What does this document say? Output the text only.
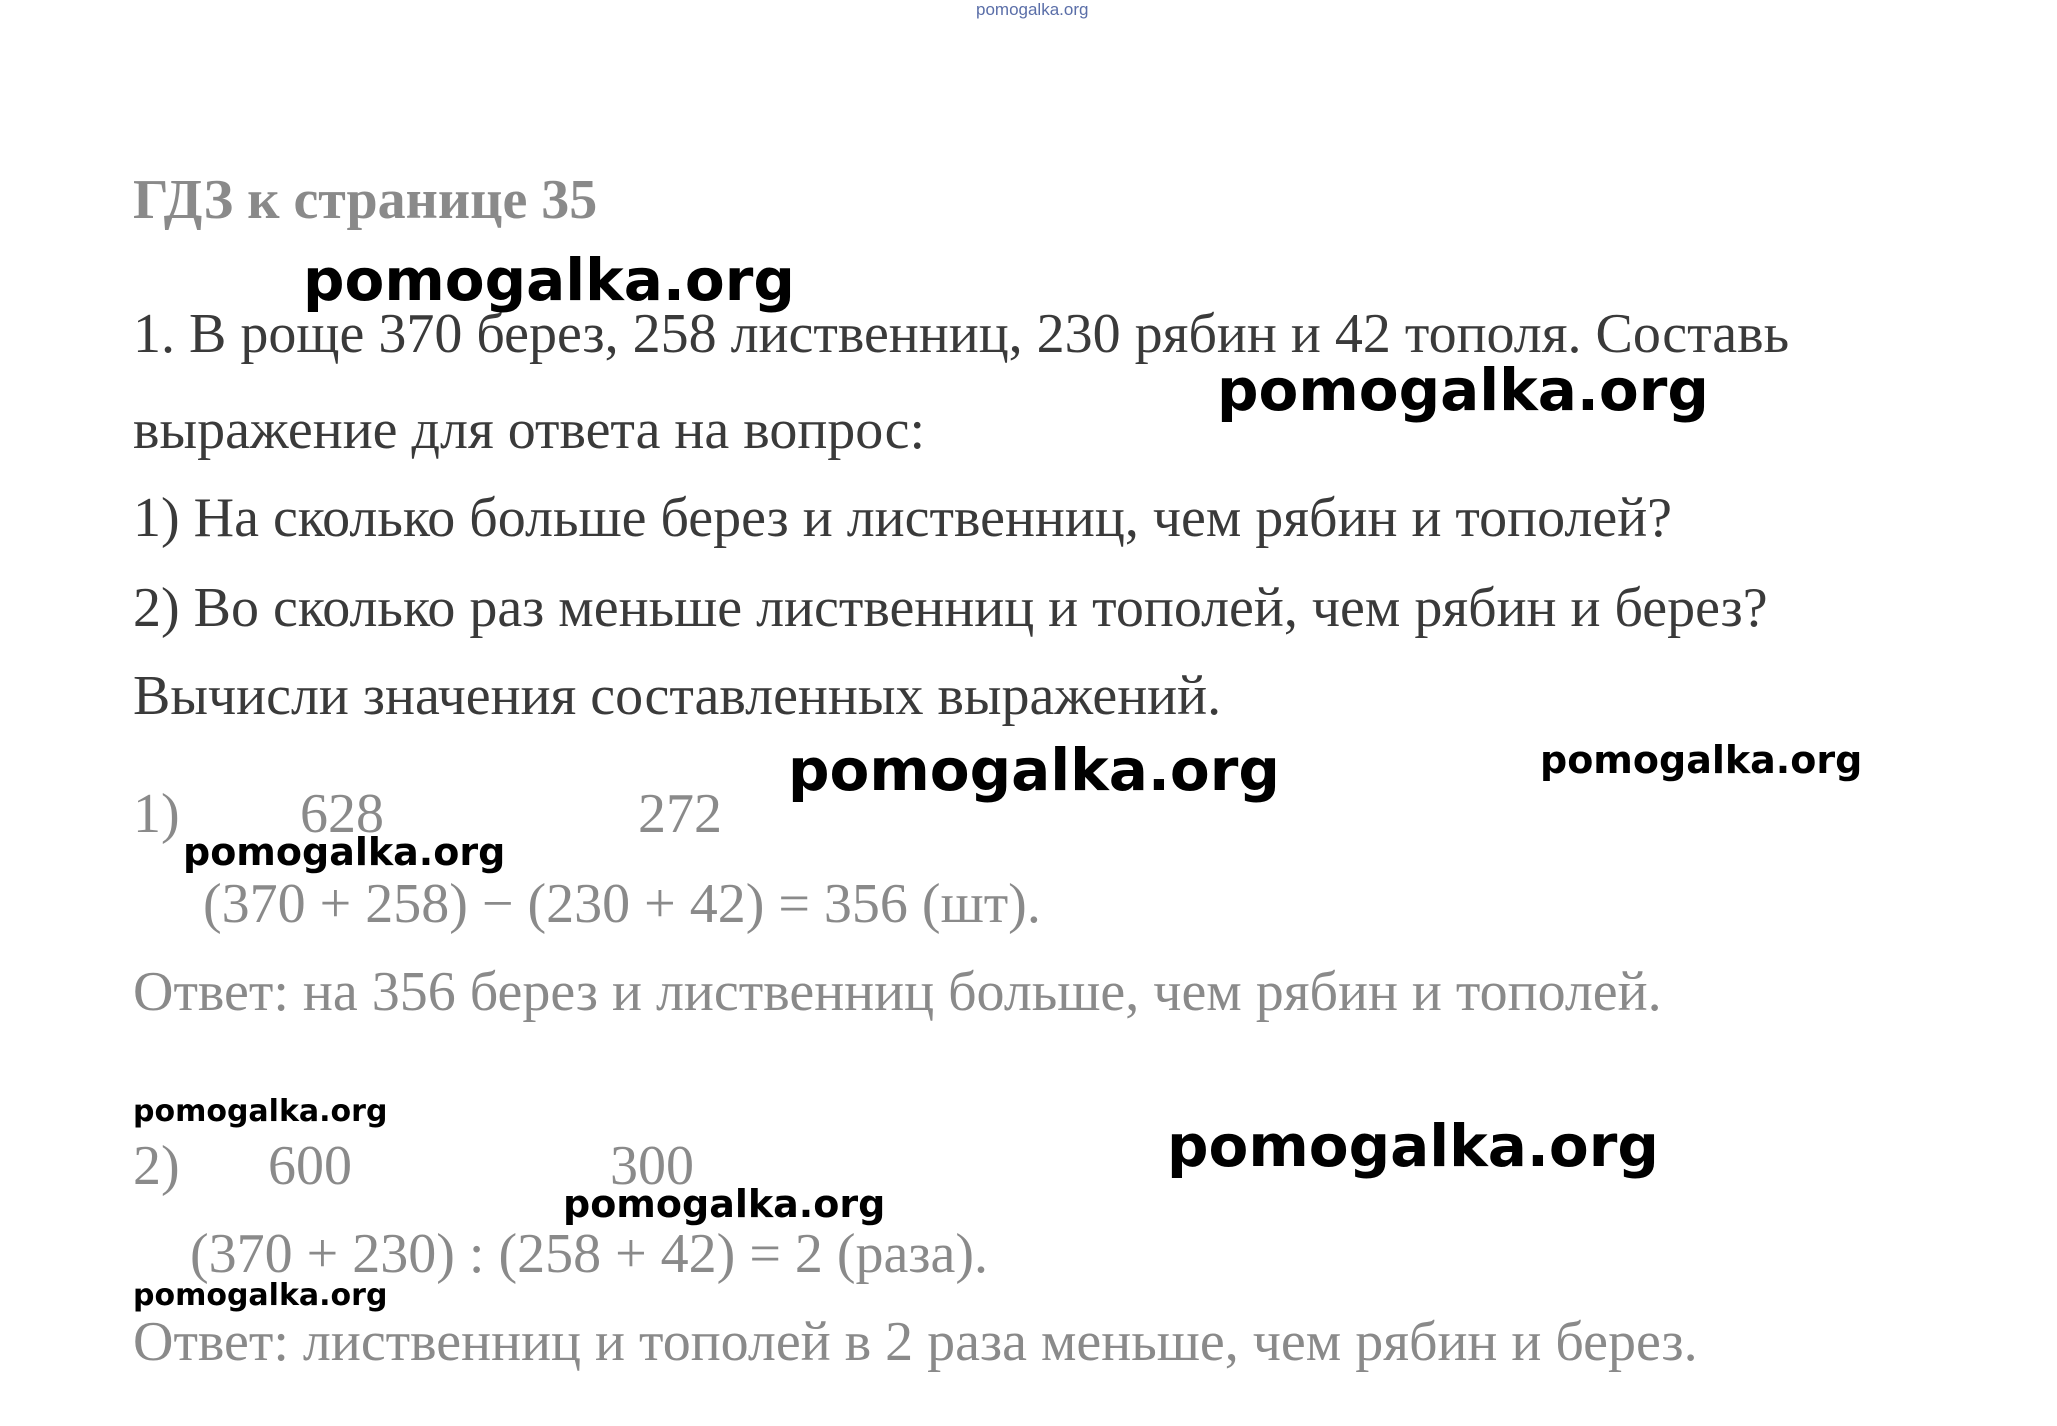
pomogalka.org
ГДЗ к странице 35
1. В роще 370 берез, 258 лиственниц, 230 рябин и 42 тополя. Составь
выражение для ответа на вопрос:
1) На сколько больше берез и лиственниц, чем рябин и тополей?
2) Во сколько раз меньше лиственниц и тополей, чем рябин и берез?
Вычисли значения составленных выражений.
1) 628	272
(370 + 258) − (230 + 42) = 356 (шт).
Ответ: на 356 берез и лиственниц больше, чем рябин и тополей.
2) 600	300
(370 + 230) : (258 + 42) = 2 (раза).
Ответ: лиственниц и тополей в 2 раза меньше, чем рябин и берез.
pomogalka.org
pomogalka.org
pomogalka.org	pomogalka.org
pomogalka.org
pomogalka.org
pomogalka.org
pomogalka.org
pomogalka.org
